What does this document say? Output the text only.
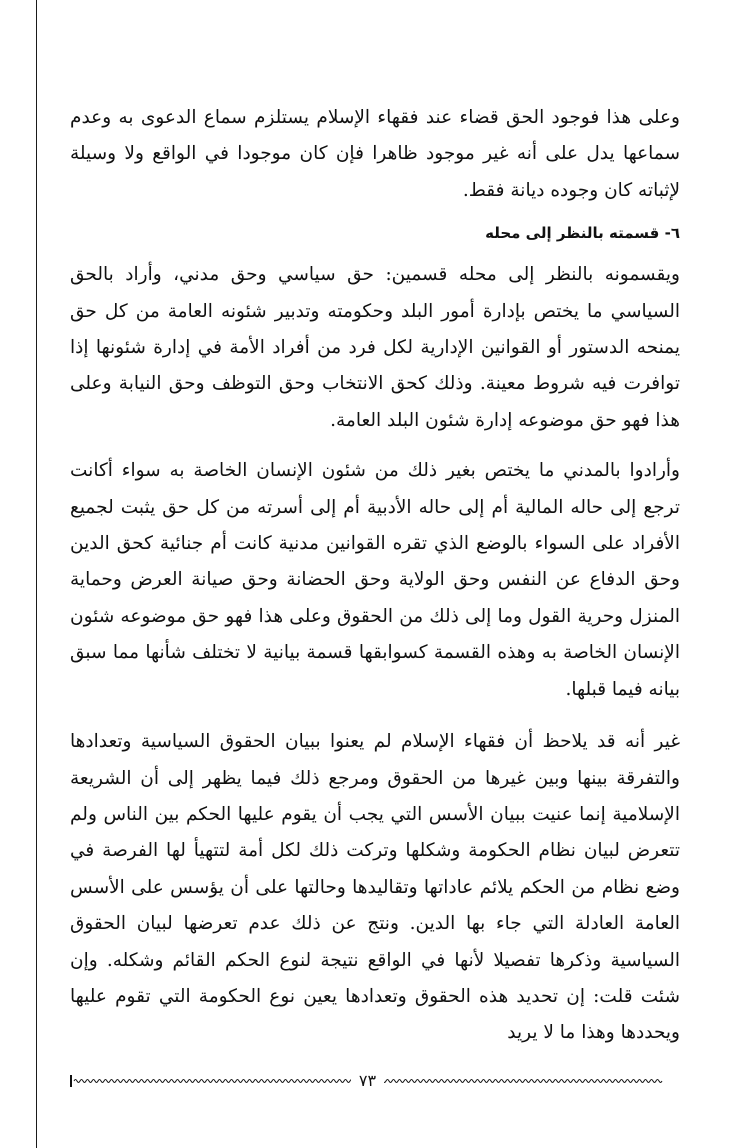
وعلى هذا فوجود الحق قضاء عند فقهاء الإسلام يستلزم سماع الدعوى به وعدم سماعها يدل على أنه غير موجود ظاهرا فإن كان موجودا في الواقع ولا وسيلة لإثباته كان وجوده ديانة فقط.

٦- قسمته بالنظر إلى محله

ويقسمونه بالنظر إلى محله قسمين: حق سياسي وحق مدني، وأراد بالحق السياسي ما يختص بإدارة أمور البلد وحكومته وتدبير شئونه العامة من كل حق يمنحه الدستور أو القوانين الإدارية لكل فرد من أفراد الأمة في إدارة شئونها إذا توافرت فيه شروط معينة. وذلك كحق الانتخاب وحق التوظف وحق النيابة وعلى هذا فهو حق موضوعه إدارة شئون البلد العامة.

وأرادوا بالمدني ما يختص بغير ذلك من شئون الإنسان الخاصة به سواء أكانت ترجع إلى حاله المالية أم إلى حاله الأدبية أم إلى أسرته من كل حق يثبت لجميع الأفراد على السواء بالوضع الذي تقره القوانين مدنية كانت أم جنائية كحق الدين وحق الدفاع عن النفس وحق الولاية وحق الحضانة وحق صيانة العرض وحماية المنزل وحرية القول وما إلى ذلك من الحقوق وعلى هذا فهو حق موضوعه شئون الإنسان الخاصة به وهذه القسمة كسوابقها قسمة بيانية لا تختلف شأنها مما سبق بيانه فيما قبلها.

غير أنه قد يلاحظ أن فقهاء الإسلام لم يعنوا ببيان الحقوق السياسية وتعدادها والتفرقة بينها وبين غيرها من الحقوق ومرجع ذلك فيما يظهر إلى أن الشريعة الإسلامية إنما عنيت ببيان الأسس التي يجب أن يقوم عليها الحكم بين الناس ولم تتعرض لبيان نظام الحكومة وشكلها وتركت ذلك لكل أمة لتتهيأ لها الفرصة في وضع نظام من الحكم يلائم عاداتها وتقاليدها وحالتها على أن يؤسس على الأسس العامة العادلة التي جاء بها الدين. ونتج عن ذلك عدم تعرضها لبيان الحقوق السياسية وذكرها تفصيلا لأنها في الواقع نتيجة لنوع الحكم القائم وشكله. وإن شئت قلت: إن تحديد هذه الحقوق وتعدادها يعين نوع الحكومة التي تقوم عليها ويحددها وهذا ما لا يريد

٧٣
